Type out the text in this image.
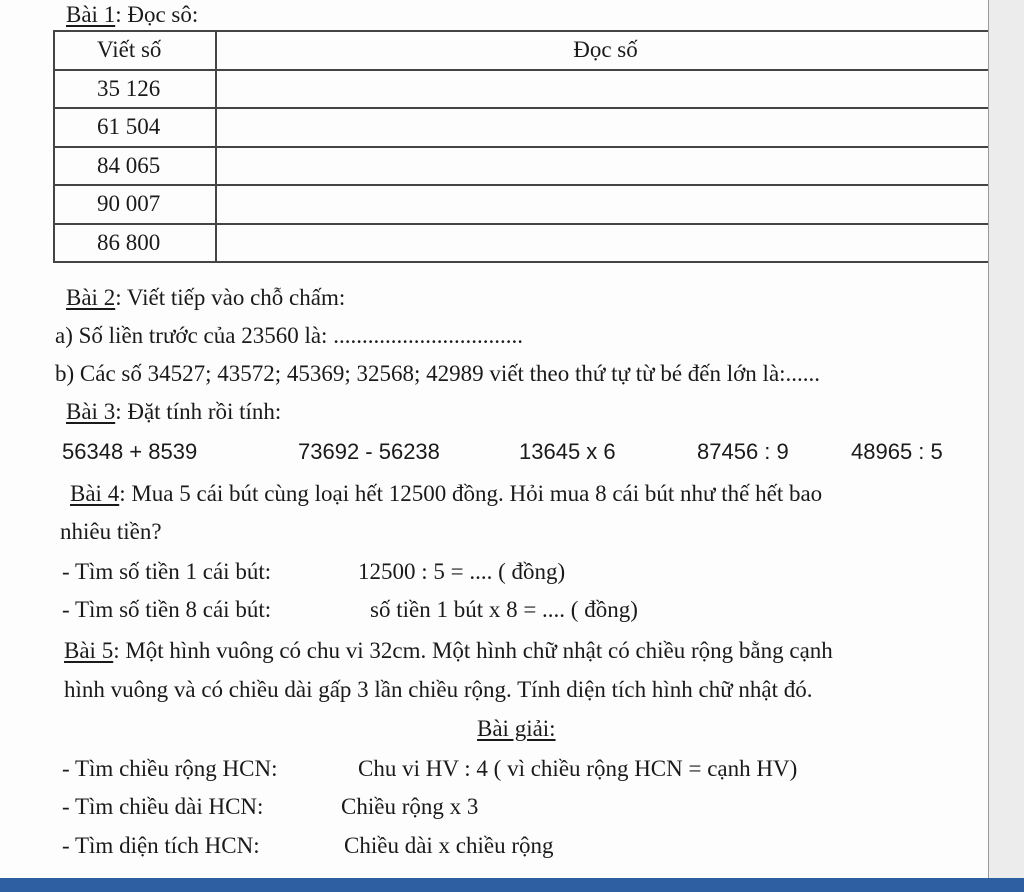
Bài 1: Đọc sô:
Viết số	Đọc số
35 126	
61 504	
84 065	
90 007	
86 800	
Bài 2: Viết tiếp vào chỗ chấm:
a) Số liền trước của 23560 là: .................................
b) Các số 34527; 43572; 45369; 32568; 42989 viết theo thứ tự từ bé đến lớn là:......
Bài 3: Đặt tính rồi tính:
56348 + 8539	73692 - 56238	13645 x 6	87456 : 9	48965 : 5
Bài 4: Mua 5 cái bút cùng loại hết 12500 đồng. Hỏi mua 8 cái bút như thế hết bao
nhiêu tiền?
- Tìm số tiền 1 cái bút:	12500 : 5 = .... ( đồng)
- Tìm số tiền 8 cái bút:	số tiền 1 bút x 8 = .... ( đồng)
Bài 5: Một hình vuông có chu vi 32cm. Một hình chữ nhật có chiều rộng bằng cạnh
hình vuông và có chiều dài gấp 3 lần chiều rộng. Tính diện tích hình chữ nhật đó.
Bài giải:
- Tìm chiều rộng HCN:	Chu vi HV : 4 ( vì chiều rộng HCN = cạnh HV)
- Tìm chiều dài HCN:	Chiều rộng x 3
- Tìm diện tích HCN:	Chiều dài x chiều rộng
